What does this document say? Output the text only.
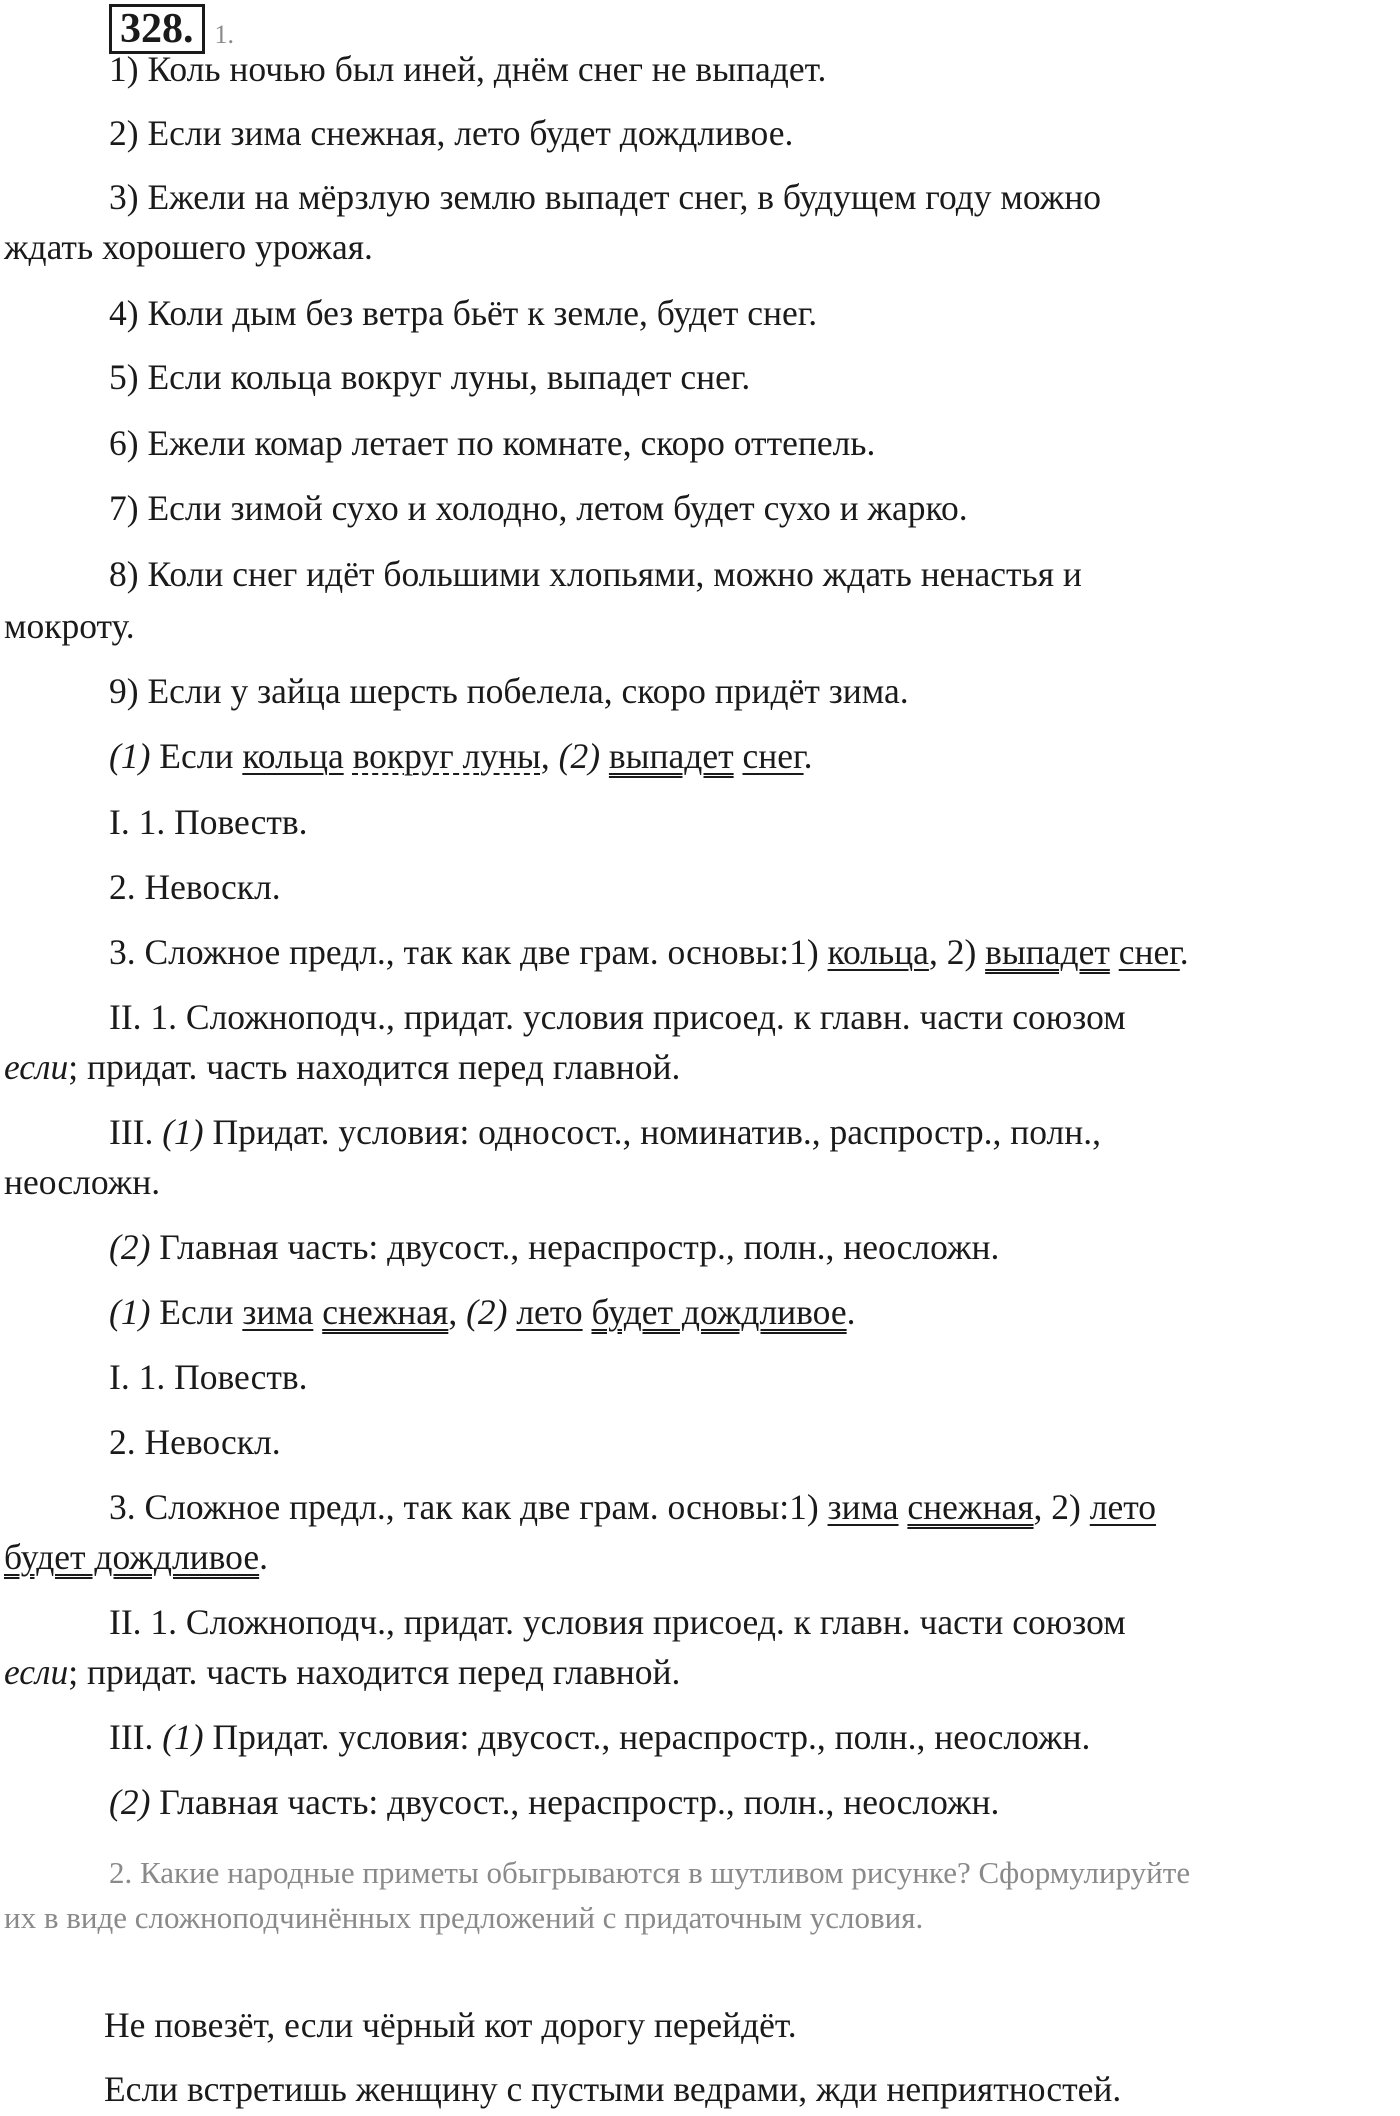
328. 1.
1) Коль ночью был иней, днём снег не выпадет.
2) Если зима снежная, лето будет дождливое.
3) Ежели на мёрзлую землю выпадет снег, в будущем году можно
ждать хорошего урожая.
4) Коли дым без ветра бьёт к земле, будет снег.
5) Если кольца вокруг луны, выпадет снег.
6) Ежели комар летает по комнате, скоро оттепель.
7) Если зимой сухо и холодно, летом будет сухо и жарко.
8) Коли снег идёт большими хлопьями, можно ждать ненастья и
мокроту.
9) Если у зайца шерсть побелела, скоро придёт зима.
(1) Если кольца вокруг луны, (2) выпадет снег.
I. 1. Повеств.
2. Невоскл.
3. Сложное предл., так как две грам. основы:1) кольца, 2) выпадет снег.
II. 1. Сложноподч., придат. условия присоед. к главн. части союзом
если; придат. часть находится перед главной.
III. (1) Придат. условия: односост., номинатив., распростр., полн.,
неосложн.
(2) Главная часть: двусост., нераспростр., полн., неосложн.
(1) Если зима снежная, (2) лето будет дождливое.
I. 1. Повеств.
2. Невоскл.
3. Сложное предл., так как две грам. основы:1) зима снежная, 2) лето
будет дождливое.
II. 1. Сложноподч., придат. условия присоед. к главн. части союзом
если; придат. часть находится перед главной.
III. (1) Придат. условия: двусост., нераспростр., полн., неосложн.
(2) Главная часть: двусост., нераспростр., полн., неосложн.
2. Какие народные приметы обыгрываются в шутливом рисунке? Сформулируйте
их в виде сложноподчинённых предложений с придаточным условия.
Не повезёт, если чёрный кот дорогу перейдёт.
Если встретишь женщину с пустыми ведрами, жди неприятностей.
